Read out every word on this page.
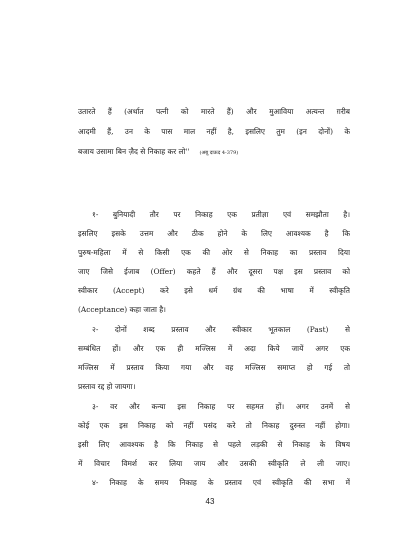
उतारते हैं (अर्थात पत्नी को मारते हैं) और मुआविया अत्यन्त ग़रीब
आदमी हैं, उन के पास माल नहीं है, इसलिए तुम (इन दोनों) के
बजाय उसामा बिन ज़ैद से निकाह कर लो'' (अबू दाऊद 4-379)
१- बुनियादी तौर पर निकाह एक प्रतीज्ञा एवं समझौता है।
इसलिए इसके उत्तम और ठीक होने के लिए आवश्यक है कि
पुरुष-महिला में से किसी एक की ओर से निकाह का प्रस्ताव दिया
जाए जिसे ईजाब (Offer) कहते हैं और दूसरा पक्ष इस प्रस्ताव को
स्वीकार (Accept) करे इसे धर्म ग्रंथ की भाषा में स्वीकृति
(Acceptance) कहा जाता है।
२- दोनों शब्द प्रस्ताव और स्वीकार भूतकाल (Past) से
सम्बंधित हों। और एक ही मज्लिस में अदा किये जायें अगर एक
मज्लिस में प्रस्ताव किया गया और वह मज्लिस समाप्त हो गई तो
प्रस्ताव रद्द हो जायगा।
३- वर और कन्या इस निकाह पर सहमत हों। अगर उनमें से
कोई एक इस निकाह को नहीं पसंद करे तो निकाह दुरुस्त नहीं होगा।
इसी लिए आवश्यक है कि निकाह से पहले लड़की से निकाह के विषय
में विचार विमर्श कर लिया जाय और उसकी स्वीकृति ले ली जाए।
४- निकाह के समय निकाह के प्रस्ताव एवं स्वीकृति की सभा में
43
